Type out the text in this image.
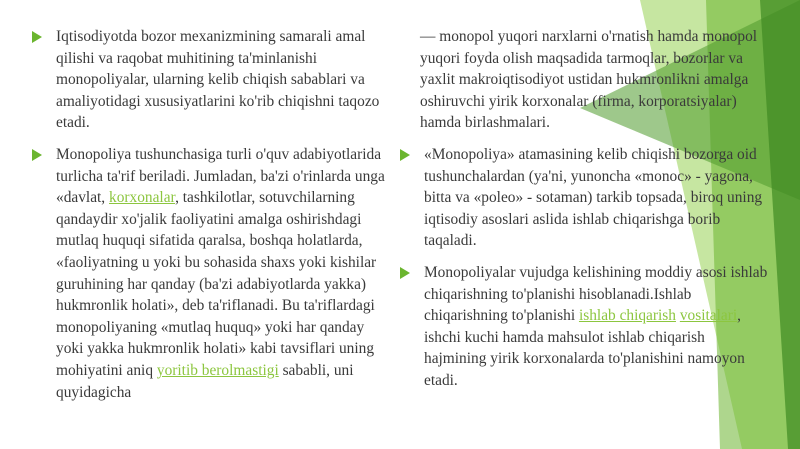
Iqtisodiyotda bozor mexanizmining samarali amal qilishi va raqobat muhitining ta'minlanishi monopoliyalar, ularning kelib chiqish sabablari va amaliyotidagi xususiyatlarini ko'rib chiqishni taqozo etadi.

Monopoliya tushunchasiga turli o'quv adabiyotlarida turlicha ta'rif beriladi. Jumladan, ba'zi o'rinlarda unga «davlat, korxonalar, tashkilotlar, sotuvchilarning qandaydir xo'jalik faoliyatini amalga oshirishdagi mutlaq huquqi sifatida qaralsa, boshqa holatlarda, «faoliyatning u yoki bu sohasida shaxs yoki kishilar guruhining har qanday (ba'zi adabiyotlarda yakka) hukmronlik holati», deb ta'riflanadi. Bu ta'riflardagi monopoliyaning «mutlaq huquq» yoki har qanday yoki yakka hukmronlik holati» kabi tavsiflari uning mohiyatini aniq yoritib berolmastigi sababli, uni quyidagicha

— monopol yuqori narxlarni o'rnatish hamda monopol yuqori foyda olish maqsadida tarmoqlar, bozorlar va yaxlit makroiqtisodiyot ustidan hukmronlikni amalga oshiruvchi yirik korxonalar (firma, korporatsiyalar) hamda birlashmalari.

«Monopoliya» atamasining kelib chiqishi bozorga oid tushunchalardan (ya'ni, yunoncha «monoc» - yagona, bitta va «poleo» - sotaman) tarkib topsada, biroq uning iqtisodiy asoslari aslida ishlab chiqarishga borib taqaladi.

Monopoliyalar vujudga kelishining moddiy asosi ishlab chiqarishning to'planishi hisoblanadi.Ishlab chiqarishning to'planishi ishlab chiqarish vositalari, ishchi kuchi hamda mahsulot ishlab chiqarish hajmining yirik korxonalarda to'planishini namoyon etadi.
